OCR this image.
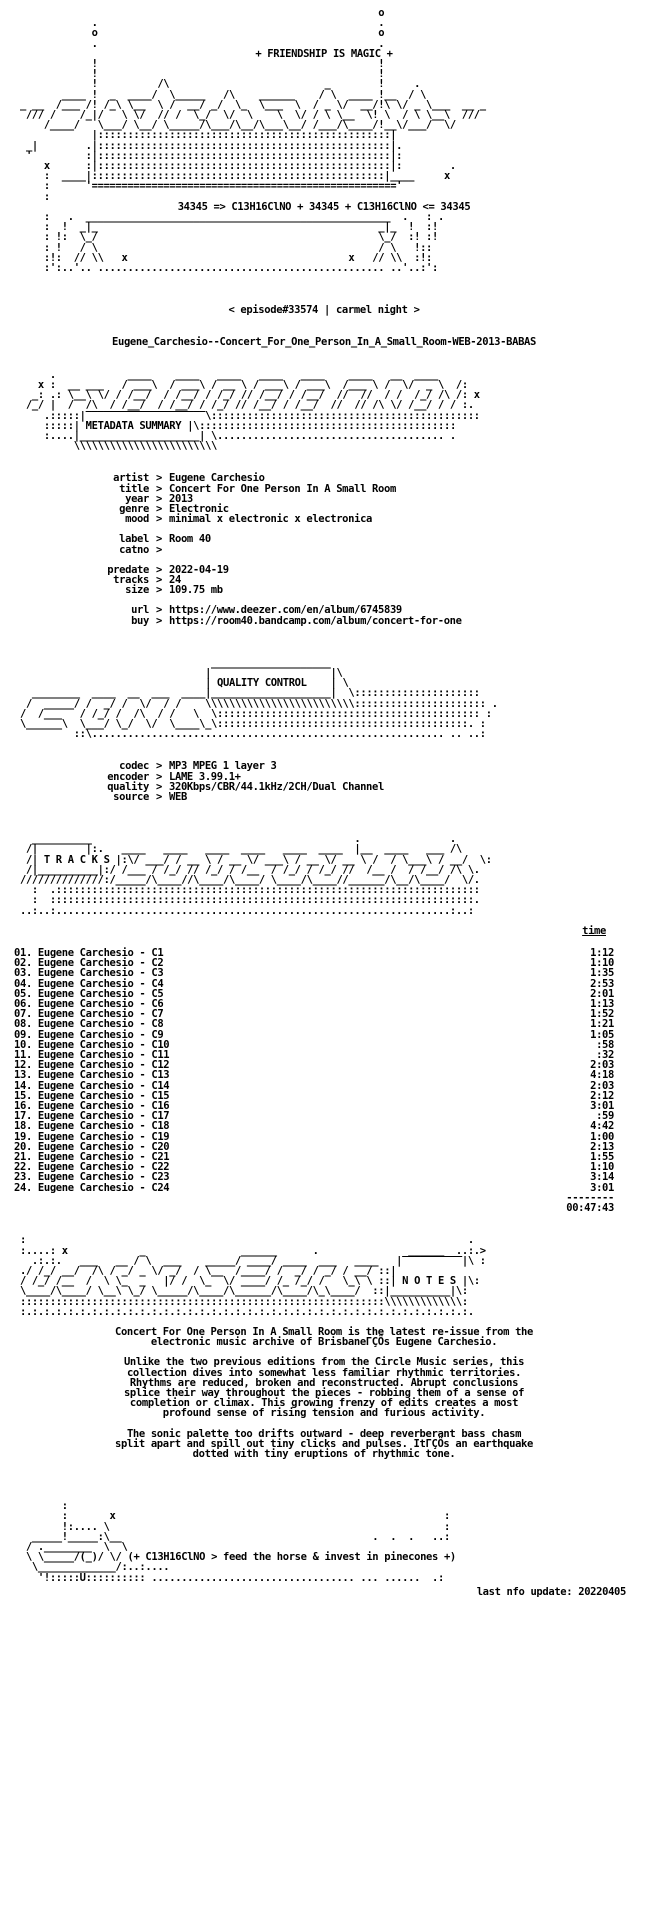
o
.                                               .
o                                               o
.                                               .
+ FRIENDSHIP IS MAGIC +
!                                               !
!                                               !
!          /\                          _        !     .
____ !  _  ____/  \_____   /\    ______    / \  ____ !__  / \
_ __  /___ /! /_\ \__  \ /  __/ _/  \_  \___  \  / _ \/  __/!\ \/ _ \___  __ _
/// /    /_|/   \ \/  // /  \_/  \/  \    \  \/ / \ \__  \! \  / \ \__\  ///
/____/   \___/ \__/ \_____/\___/\__/\___\__/ /___/\____/!__\/___/  \/
|:::::::::::::::::::::::::::::::::::::::::::::::::|
_|        .|:::::::::::::::::::::::::::::::::::::::::::::::::|.
'         :|:::::::::::::::::::::::::::::::::::::::::::::::::|:
x      :|:::::::::::::::::::::::::::::::::::::::::::::::::|:        .
:  ____|:::::::::::::::::::::::::::::::::::::::::::::::::|____     x
:      '==================================================='
:
34345 => C13H16ClNO + 34345 + C13H16ClNO <= 34345
:   .  ___________________________________________________  .   : .
:  !  _|_                                               _|_  !  :!
: !:  \_/                                               \_/  :! :!
: !   / \                                               / \   !::
:!:  // \\   x                                     x   // \\  :!:
:':..'.. ................................................ ..'..:':
< episode#33574 | carmel night >
Eugene_Carchesio--Concert_For_One_Person_In_A_Small_Room-WEB-2013-BABAS
.            ____    ____   ____   ____   ____    ____   __  ____
x :  __ ___   / ___\  / ___\ / __ \ / ___\ / ___\  /___ \ /  \/  _ \  /:
_: .: \__\ \/ / /__/  / /__/ / /_/ // /__/ / /__/  //  //  / /  /_/ /\ /: x
/_/ |  /  /\  / /__/  / /__/ / /_/ // /__/ / /__/  //  // /\ \/ /__/ / / :.
.:::::|‾‾‾‾‾‾‾‾‾‾‾‾‾‾‾‾‾‾‾‾\:::::::::::::::::::::::::::::::::::::::::::::
:::::| METADATA SUMMARY |\:::::::::::::::::::::::::::::::::::::::::::
:....|____________________| \...................................... .
\\\\\\\\\\\\\\\\\\\\\\\\
artist > Eugene Carchesio
title > Concert For One Person In A Small Room
year > 2013
genre > Electronic
mood > minimal x electronic x electronica
label > Room 40
catno >
predate > 2022-04-19
tracks > 24
size > 109.75 mb
url > https://www.deezer.com/en/album/6745839
buy > https://room40.bandcamp.com/album/concert-for-one
____________________
|                    |\
| QUALITY CONTROL    | \
________  ____  __  ___  ____|____________________|  \:::::::::::::::::::::
/  _____/ /  _/ /  \/  / /    \\\\\\\\\\\\\\\\\\\\\\\\\:::::::::::::::::::::: .
/  /___   / /_/ /  /\  / /   \  \:::::::::::::::::::::::::::::::::::::::::::: :
\______\  \___/ \_/  \/  \____\_\::::::::::::::::::::::::::::::::::::::::::. :
::\........................................................... .. ..:
codec > MP3 MPEG 1 layer 3
encoder > LAME 3.99.1+
quality > 320Kbps/CBR/44.1kHz/2CH/Dual Channel
source > WEB
__________                                            .               .
/|        |:.   ____   ____   ____  ____   ____  ____  |__  ____   ___ /\
/| T R A C K S |:\/ ___/ / __ \ / __ \/ ___\ / __ \/ __ \ /  / \___\ / __/  \:

/|__________|:/ /___ / /_/ // /_/ / /__  / /_/ / /_/ //  /__ /  / /__/ /\ \.
//////////////:/_____/\____//\____/\____/ \____/\____//______/\__/\____/  \/.
:  .:::::::::::::::::::::::::::::::::::::::::::::::::::::::::::::::::::::::
:  :::::::::::::::::::::::::::::::::::::::::::::::::::::::::::::::::::::::.
..:..:..................................................................:..:
time
01. Eugene Carchesio - C1	1:12
02. Eugene Carchesio - C2	1:10
03. Eugene Carchesio - C3	1:35
04. Eugene Carchesio - C4	2:53
05. Eugene Carchesio - C5	2:01
06. Eugene Carchesio - C6	1:13
07. Eugene Carchesio - C7	1:52
08. Eugene Carchesio - C8	1:21
09. Eugene Carchesio - C9	1:05
10. Eugene Carchesio - C10	:58
11. Eugene Carchesio - C11	:32
12. Eugene Carchesio - C12	2:03
13. Eugene Carchesio - C13	4:18
14. Eugene Carchesio - C14	2:03
15. Eugene Carchesio - C15	2:12
16. Eugene Carchesio - C16	3:01
17. Eugene Carchesio - C17	:59
18. Eugene Carchesio - C18	4:42
19. Eugene Carchesio - C19	1:00
20. Eugene Carchesio - C20	2:13
21. Eugene Carchesio - C21	1:55
22. Eugene Carchesio - C22	1:10
23. Eugene Carchesio - C23	3:14
24. Eugene Carchesio - C24	3:01
--------
00:47:43
:                                                                          .
:....: x            _                ______      .               ______  ..:.>
.:.:.   ___   __ / \  ___    _____/ ____/ ____  ___   ____   |‾‾‾‾‾‾‾‾‾‾|\ :
./ /_/ __/  /\ / _/ _ \/ _/  / \__  /____/ /  _/ / _/ / __/ ::|
/ /_/ /__  /  \ \_  _   |/ /  \_  \/ ____/ /_ /_/ /   \_\ \ ::| N O T E S |\:
\____/\____/ \__\ \_/ \_____/\____/\______/\____/\_\____/  ::|__________|\:
:::::::::::::::::::::::::::::::::::::::::::::::::::::::::::::\\\\\\\\\\\\\:
:.:.:.:.:.:.:.:.:.:.:.:.:.:.:.:.:.:.:.:.:.:.:.:.:.:.:.:.:.:.:.:.:.:.:.:.:.:.
Concert For One Person In A Small Room is the latest re-issue from the
electronic music archive of BrisbaneΓÇÖs Eugene Carchesio.
Unlike the two previous editions from the Circle Music series, this
collection dives into somewhat less familiar rhythmic territories.
Rhythms are reduced, broken and reconstructed. Abrupt conclusions
splice their way throughout the pieces - robbing them of a sense of
completion or climax. This growing frenzy of edits creates a most
profound sense of rising tension and furious activity.
The sonic palette too drifts outward - deep reverberant bass chasm
split apart and spill out tiny clicks and pulses. ItΓÇÖs an earthquake
dotted with tiny eruptions of rhythmic tone.
:
:       x                                                       :
!:.... \                                                        :
_____!_____:\__                                          .  .  .   ..:
/ .________  \  \
\ \_____/(_)/ \/ (+ C13H16ClNO > feed the horse & invest in pinecones +)
\_____________/:..:....
'!:::::U:::::::::: .................................. ... ......  .:
last nfo update: 20220405
